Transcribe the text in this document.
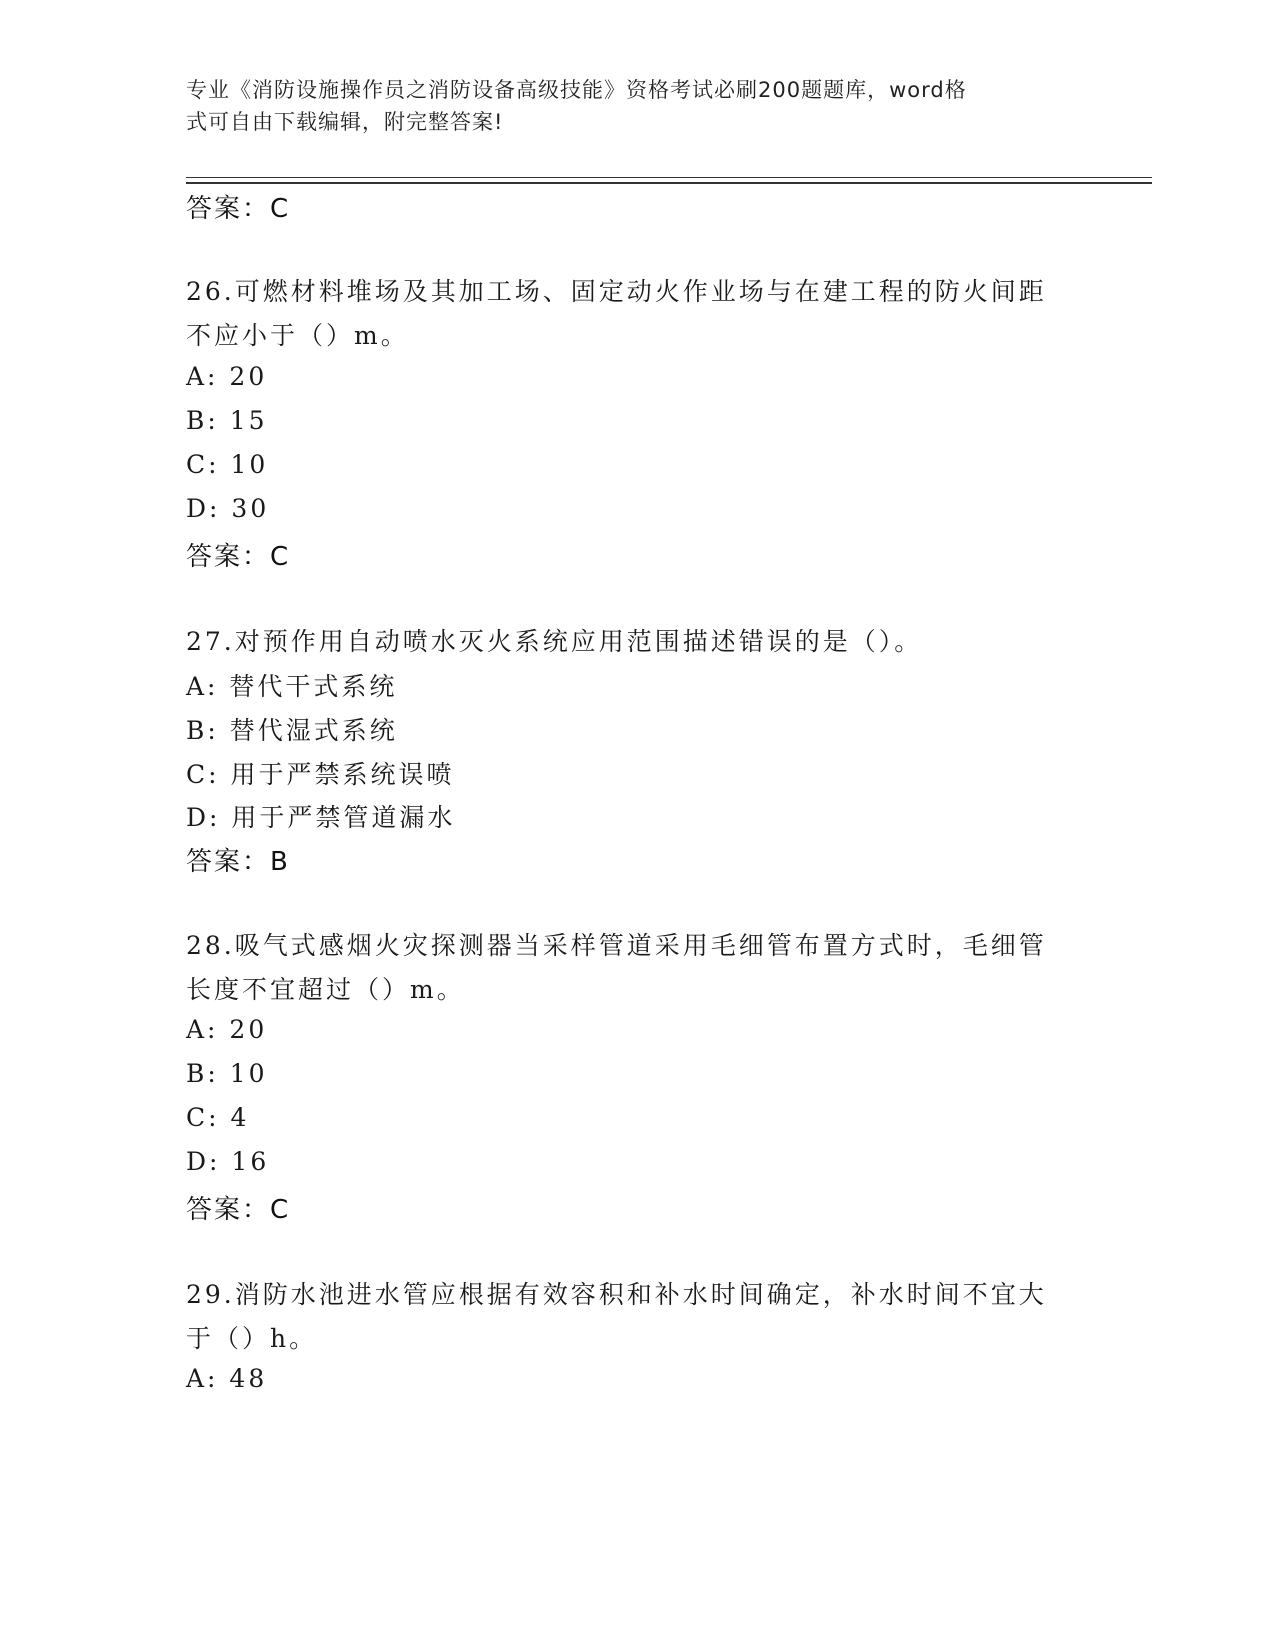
专业《消防设施操作员之消防设备高级技能》资格考试必刷200题题库，word格
式可自由下载编辑，附完整答案!
答案：C
26.可燃材料堆场及其加工场、固定动火作业场与在建工程的防火间距
不应小于（）m。
A: 20
B: 15
C: 10
D: 30
答案：C
27.对预作用自动喷水灭火系统应用范围描述错误的是（）。
A: 替代干式系统
B: 替代湿式系统
C: 用于严禁系统误喷
D: 用于严禁管道漏水
答案：B
28.吸气式感烟火灾探测器当采样管道采用毛细管布置方式时，毛细管
长度不宜超过（）m。
A: 20
B: 10
C: 4
D: 16
答案：C
29.消防水池进水管应根据有效容积和补水时间确定，补水时间不宜大
于（）h。
A: 48
